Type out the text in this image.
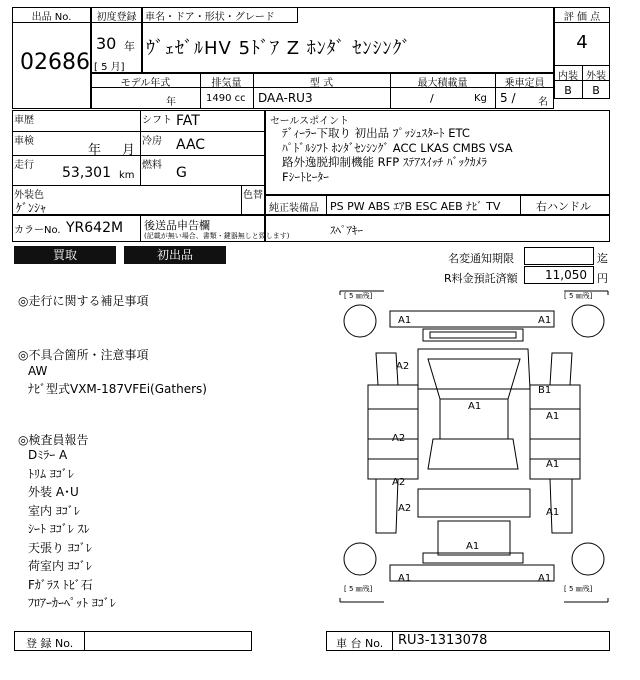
出品 No.
02686
初度登録
30 年
[ 5 月]
車名・ドア・形状・グレード
ｳﾞｪｾﾞﾙHV 5ﾄﾞｱ Z ﾎﾝﾀﾞ ｾﾝｼﾝｸﾞ
評 価 点
4
内装 外装
B	B
モデル年式	排気量	型 式	最大積載量	乗車定員
年	1490 cc DAA-RU3	/	Kg 5 / 名
車歴
車検
年 月
走行 53,301 km
シフト FAT
冷房 AAC
燃料 G
外装色
ｹﾞﾝｼｬ
色替
カラーNo. YR642M 後送品申告欄
(記載が無い場合、書類・鍵器無しと致します)
セールスポイント
ﾃﾞｨｰﾗｰ下取り 初出品 ﾌﾟｯｼｭｽﾀｰﾄ ETC
ﾊﾟﾄﾞﾙｼﾌﾄ ﾎﾝﾀﾞｾﾝｼﾝｸﾞ ACC LKAS CMBS VSA
路外逸脱抑制機能 RFP ｽﾃｱｽｲｯﾁ ﾊﾞｯｸｶﾒﾗ
Fｼｰﾄﾋｰﾀｰ
純正装備品 PS PW ABS ｴｱB ESC AEB ﾅﾋﾞ TV	右ハンドル
ｽﾍﾟｱｷｰ
買取	初出品	名変通知期限	迄
R料金預託済額 11,050 円
◎走行に関する補足事項
◎不具合箇所・注意事項
AW
ﾅﾋﾞ型式VXM-187VFEi(Gathers)
◎検査員報告
Dﾐﾗｰ A
ﾄﾘﾑ ﾖｺﾞﾚ
外装 A･U
室内 ﾖｺﾞﾚ
ｼｰﾄ ﾖｺﾞﾚ ｽﾚ
天張り ﾖｺﾞﾚ
荷室内 ﾖｺﾞﾚ
Fｶﾞﾗｽ ﾄﾋﾞ石
ﾌﾛｱｰｶｰﾍﾟｯﾄ ﾖｺﾞﾚ
[ 5 ㎜残]	[ 5 ㎜残]
[ 5 ㎜残]	[ 5 ㎜残]
A1	A1
A2
B1
A1
A2
A1
A2
A1
A2
A1
A1	A1
A1
登 録 No.	車 台 No. RU3-1313078
